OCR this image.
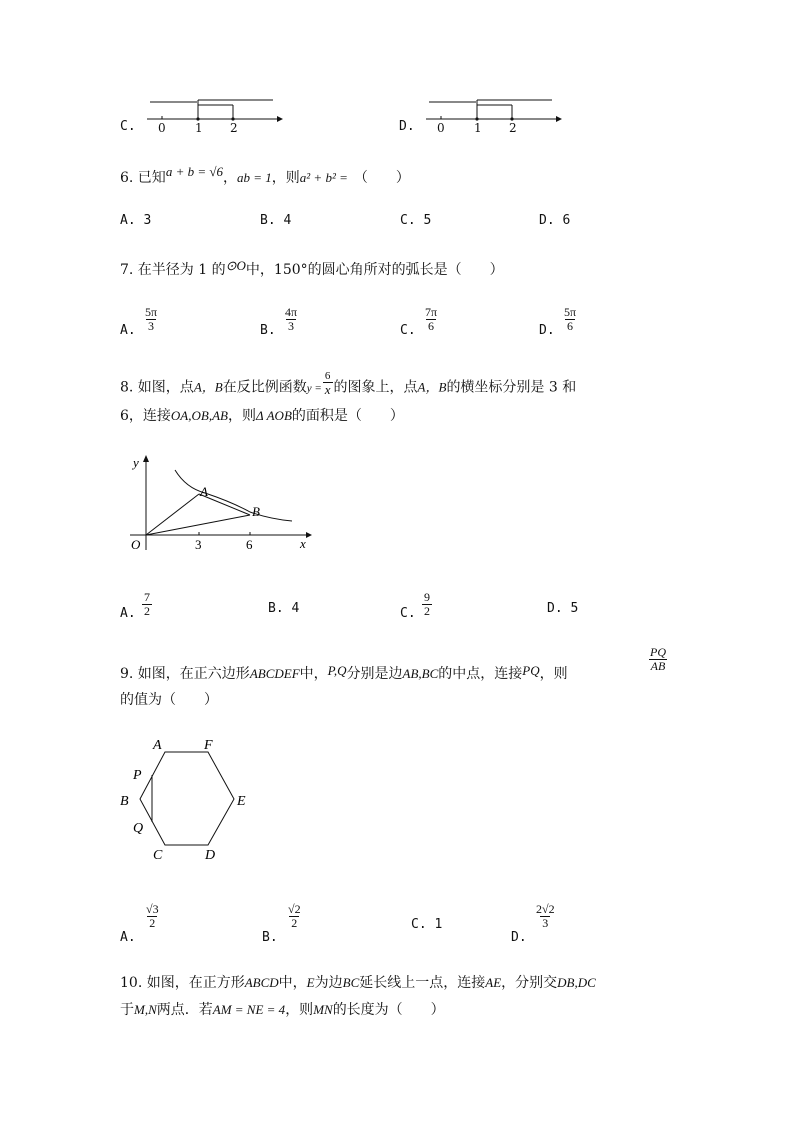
C. 0 1 2	D. 0 1 2
6. 已知a + b = √6，ab = 1，则a² + b² = （　　）
A. 3	B. 4	C. 5	D. 6
7. 在半径为 1 的⊙O中，150°的圆心角所对的弧长是（　　）
A. $\frac{5\pi}{3}$	B. $\frac{4\pi}{3}$	C. $\frac{7\pi}{6}$	D. $\frac{5\pi}{6}$
8. 如图，点A，B在反比例函数y =
6
x 的图象上，点A，B的横坐标分别是 3 和
6，连接OA,OB,AB，则Δ AOB的面积是（　　）
y
x
O
A
B
3	6
A. $\frac{7}{2}$	B. 4	C. $\frac{9}{2}$	D. 5
9. 如图，在正六边形ABCDEF中，P,Q分别是边AB,BC的中点，连接PQ，则
$\frac{PQ}{AB}$
的值为（　　）
A	F
P
B	E
Q
C	D
A.
$\frac{√3}{2}$
B.
$\frac{√2}{2}$	C. 1
D.
$\frac{2√2}{3}$
10. 如图，在正方形ABCD中，E为边BC延长线上一点，连接AE，分别交DB,DC
于M,N两点．若AM = NE = 4，则MN的长度为（　　）
